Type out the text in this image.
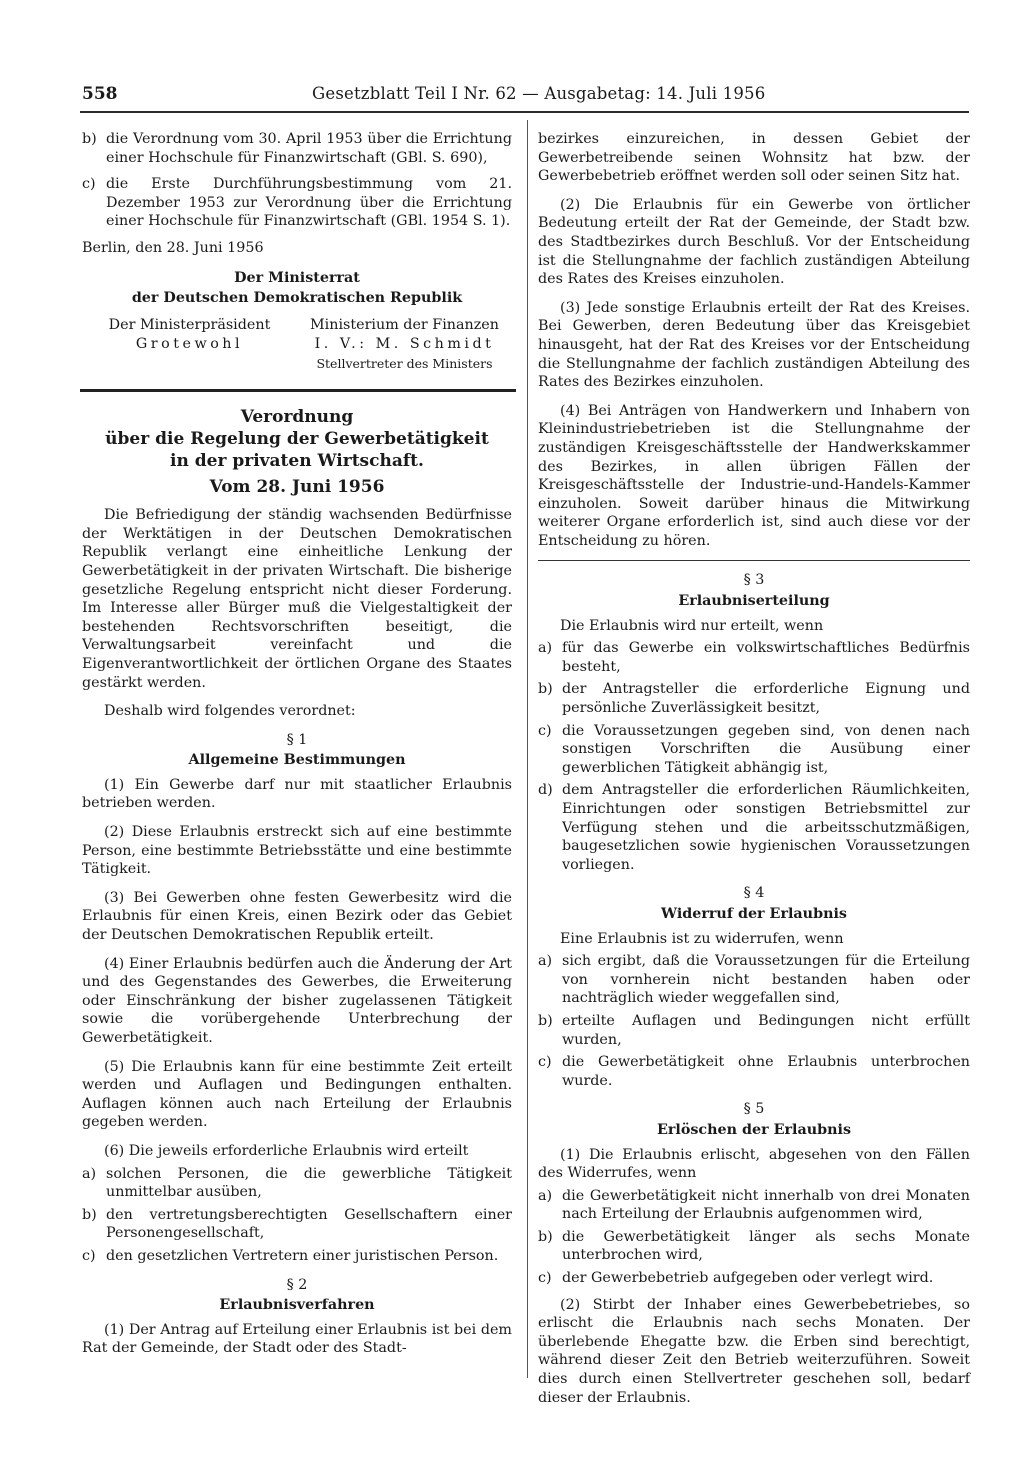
558	Gesetzblatt Teil I Nr. 62 — Ausgabetag: 14. Juli 1956
b) die Verordnung vom 30. April 1953 über die Errichtung einer Hochschule für Finanzwirtschaft (GBl. S. 690),
c) die Erste Durchführungsbestimmung vom 21. Dezember 1953 zur Verordnung über die Errichtung einer Hochschule für Finanzwirtschaft (GBl. 1954 S. 1).

Berlin, den 28. Juni 1956

Der Ministerrat
der Deutschen Demokratischen Republik
Der Ministerpräsident
Grotewohl
Ministerium der Finanzen
I. V.: M. Schmidt
Stellvertreter des Ministers
Verordnung
über die Regelung der Gewerbetätigkeit
in der privaten Wirtschaft.
Vom 28. Juni 1956

Die Befriedigung der ständig wachsenden Bedürfnisse der Werktätigen in der Deutschen Demokratischen Republik verlangt eine einheitliche Lenkung der Gewerbetätigkeit in der privaten Wirtschaft. Die bisherige gesetzliche Regelung entspricht nicht dieser Forderung. Im Interesse aller Bürger muß die Vielgestaltigkeit der bestehenden Rechtsvorschriften beseitigt, die Verwaltungsarbeit vereinfacht und die Eigenverantwortlichkeit der örtlichen Organe des Staates gestärkt werden.

Deshalb wird folgendes verordnet:

§ 1
Allgemeine Bestimmungen

(1) Ein Gewerbe darf nur mit staatlicher Erlaubnis betrieben werden.

(2) Diese Erlaubnis erstreckt sich auf eine bestimmte Person, eine bestimmte Betriebsstätte und eine bestimmte Tätigkeit.

(3) Bei Gewerben ohne festen Gewerbesitz wird die Erlaubnis für einen Kreis, einen Bezirk oder das Gebiet der Deutschen Demokratischen Republik erteilt.

(4) Einer Erlaubnis bedürfen auch die Änderung der Art und des Gegenstandes des Gewerbes, die Erweiterung oder Einschränkung der bisher zugelassenen Tätigkeit sowie die vorübergehende Unterbrechung der Gewerbetätigkeit.

(5) Die Erlaubnis kann für eine bestimmte Zeit erteilt werden und Auflagen und Bedingungen enthalten. Auflagen können auch nach Erteilung der Erlaubnis gegeben werden.

(6) Die jeweils erforderliche Erlaubnis wird erteilt

a) solchen Personen, die die gewerbliche Tätigkeit unmittelbar ausüben,
b) den vertretungsberechtigten Gesellschaftern einer Personengesellschaft,
c) den gesetzlichen Vertretern einer juristischen Person.
§ 2
Erlaubnisverfahren

(1) Der Antrag auf Erteilung einer Erlaubnis ist bei dem Rat der Gemeinde, der Stadt oder des Stadt-

bezirkes einzureichen, in dessen Gebiet der Gewerbetreibende seinen Wohnsitz hat bzw. der Gewerbebetrieb eröffnet werden soll oder seinen Sitz hat.

(2) Die Erlaubnis für ein Gewerbe von örtlicher Bedeutung erteilt der Rat der Gemeinde, der Stadt bzw. des Stadtbezirkes durch Beschluß. Vor der Entscheidung ist die Stellungnahme der fachlich zuständigen Abteilung des Rates des Kreises einzuholen.

(3) Jede sonstige Erlaubnis erteilt der Rat des Kreises. Bei Gewerben, deren Bedeutung über das Kreisgebiet hinausgeht, hat der Rat des Kreises vor der Entscheidung die Stellungnahme der fachlich zuständigen Abteilung des Rates des Bezirkes einzuholen.

(4) Bei Anträgen von Handwerkern und Inhabern von Kleinindustriebetrieben ist die Stellungnahme der zuständigen Kreisgeschäftsstelle der Handwerkskammer des Bezirkes, in allen übrigen Fällen der Kreisgeschäftsstelle der Industrie-und-Handels-Kammer einzuholen. Soweit darüber hinaus die Mitwirkung weiterer Organe erforderlich ist, sind auch diese vor der Entscheidung zu hören.

§ 3
Erlaubniserteilung

Die Erlaubnis wird nur erteilt, wenn

a) für das Gewerbe ein volkswirtschaftliches Bedürfnis besteht,
b) der Antragsteller die erforderliche Eignung und persönliche Zuverlässigkeit besitzt,
c) die Voraussetzungen gegeben sind, von denen nach sonstigen Vorschriften die Ausübung einer gewerblichen Tätigkeit abhängig ist,
d) dem Antragsteller die erforderlichen Räumlichkeiten, Einrichtungen oder sonstigen Betriebsmittel zur Verfügung stehen und die arbeitsschutzmäßigen, baugesetzlichen sowie hygienischen Voraussetzungen vorliegen.
§ 4
Widerruf der Erlaubnis

Eine Erlaubnis ist zu widerrufen, wenn

a) sich ergibt, daß die Voraussetzungen für die Erteilung von vornherein nicht bestanden haben oder nachträglich wieder weggefallen sind,
b) erteilte Auflagen und Bedingungen nicht erfüllt wurden,
c) die Gewerbetätigkeit ohne Erlaubnis unterbrochen wurde.
§ 5
Erlöschen der Erlaubnis

(1) Die Erlaubnis erlischt, abgesehen von den Fällen des Widerrufes, wenn

a) die Gewerbetätigkeit nicht innerhalb von drei Monaten nach Erteilung der Erlaubnis aufgenommen wird,
b) die Gewerbetätigkeit länger als sechs Monate unterbrochen wird,
c) der Gewerbebetrieb aufgegeben oder verlegt wird.

(2) Stirbt der Inhaber eines Gewerbebetriebes, so erlischt die Erlaubnis nach sechs Monaten. Der überlebende Ehegatte bzw. die Erben sind berechtigt, während dieser Zeit den Betrieb weiterzuführen. Soweit dies durch einen Stellvertreter geschehen soll, bedarf dieser der Erlaubnis.
